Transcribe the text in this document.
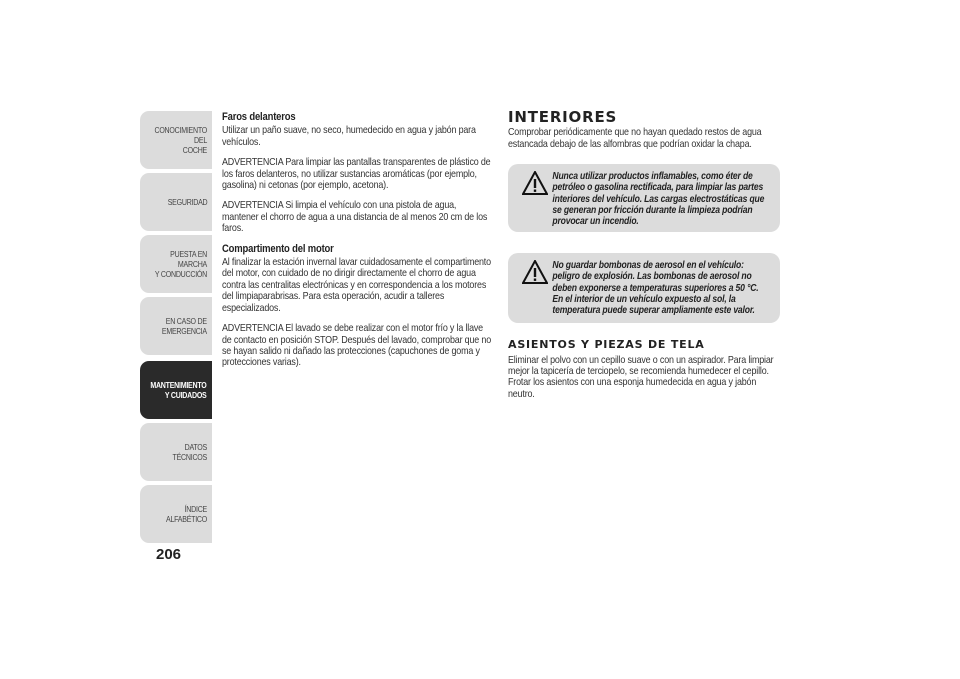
CONOCIMIENTO DEL
COCHE
SEGURIDAD
PUESTA EN MARCHA
Y CONDUCCIÓN
EN CASO DE
EMERGENCIA
MANTENIMIENTO
Y CUIDADOS
DATOS TÉCNICOS
ÍNDICE ALFABÉTICO
206
Faros delanteros

Utilizar un paño suave, no seco, humedecido en agua y jabón para vehículos.

ADVERTENCIA Para limpiar las pantallas transparentes de plástico de los faros delanteros, no utilizar sustancias aromáticas (por ejemplo, gasolina) ni cetonas (por ejemplo, acetona).

ADVERTENCIA Si limpia el vehículo con una pistola de agua, mantener el chorro de agua a una distancia de al menos 20 cm de los faros.

Compartimento del motor

Al finalizar la estación invernal lavar cuidadosamente el compartimento del motor, con cuidado de no dirigir directamente el chorro de agua contra las centralitas electrónicas y en correspondencia a los motores del limpiaparabrisas. Para esta operación, acudir a talleres especializados.

ADVERTENCIA El lavado se debe realizar con el motor frío y la llave de contacto en posición STOP. Después del lavado, comprobar que no se hayan salido ni dañado las protecciones (capuchones de goma y protecciones varias).

INTERIORES

Comprobar periódicamente que no hayan quedado restos de agua estancada debajo de las alfombras que podrían oxidar la chapa.

Nunca utilizar productos inflamables, como éter de petróleo o gasolina rectificada, para limpiar las partes interiores del vehículo. Las cargas electrostáticas que se generan por fricción durante la limpieza podrían provocar un incendio.
No guardar bombonas de aerosol en el vehículo: peligro de explosión. Las bombonas de aerosol no deben exponerse a temperaturas superiores a 50 °C. En el interior de un vehículo expuesto al sol, la temperatura puede superar ampliamente este valor.
ASIENTOS Y PIEZAS DE TELA

Eliminar el polvo con un cepillo suave o con un aspirador. Para limpiar mejor la tapicería de terciopelo, se recomienda humedecer el cepillo. Frotar los asientos con una esponja humedecida en agua y jabón neutro.
